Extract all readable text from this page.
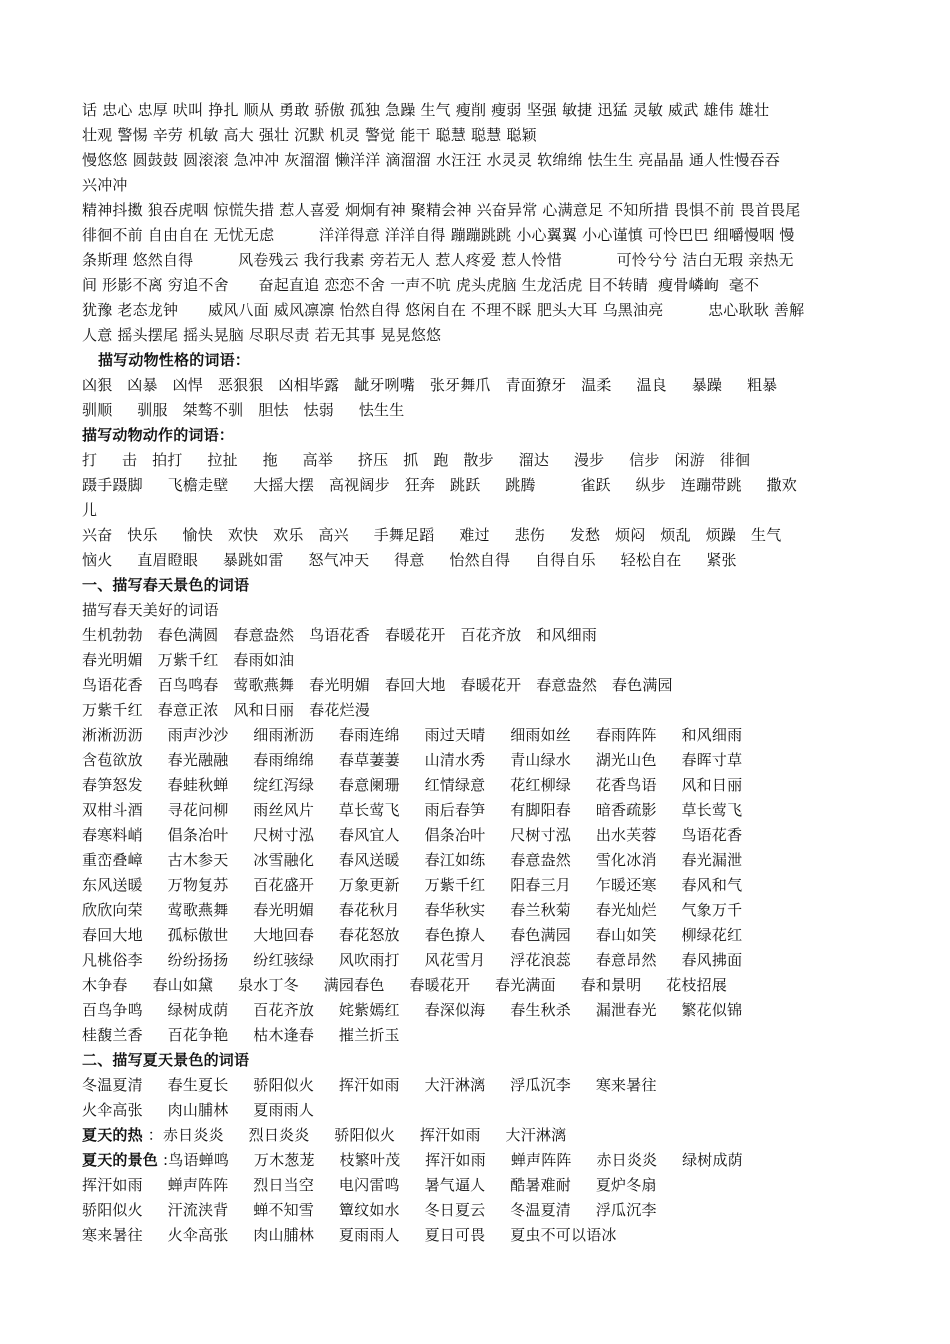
话 忠心 忠厚 吠叫 挣扎 顺从 勇敢 骄傲 孤独 急躁 生气 瘦削 瘦弱 坚强 敏捷 迅猛 灵敏 威武 雄伟 雄壮
壮观 警惕 辛劳 机敏 高大 强壮 沉默 机灵 警觉 能干 聪慧 聪慧 聪颖
慢悠悠 圆鼓鼓 圆滚滚 急冲冲 灰溜溜 懒洋洋 滴溜溜 水汪汪 水灵灵 软绵绵 怯生生 亮晶晶 通人性慢吞吞
兴冲冲
精神抖擞 狼吞虎咽 惊慌失措 惹人喜爱 炯炯有神 聚精会神 兴奋异常 心满意足 不知所措 畏惧不前 畏首畏尾
徘徊不前 自由自在 无忧无虑         洋洋得意 洋洋自得 蹦蹦跳跳 小心翼翼 小心谨慎 可怜巴巴 细嚼慢咽 慢
条斯理 悠然自得         风卷残云 我行我素 旁若无人 惹人疼爱 惹人怜惜           可怜兮兮 洁白无瑕 亲热无
间 形影不离 穷追不舍      奋起直追 恋恋不舍 一声不吭 虎头虎脑 生龙活虎 目不转睛  瘦骨嶙峋  毫不
犹豫 老态龙钟      威风八面 威风凛凛 怡然自得 悠闲自在 不理不睬 肥头大耳 乌黑油亮         忠心耿耿 善解
人意 摇头摆尾 摇头晃脑 尽职尽责 若无其事 晃晃悠悠
描写动物性格的词语：
凶狠   凶暴   凶悍   恶狠狠   凶相毕露   龇牙咧嘴   张牙舞爪   青面獠牙   温柔     温良     暴躁     粗暴
驯顺     驯服   桀骜不驯   胆怯   怯弱     怯生生
描写动物动作的词语：
打     击   拍打     拉扯     拖     高举     挤压   抓   跑   散步     溜达     漫步     信步   闲游   徘徊
蹑手蹑脚     飞檐走壁     大摇大摆   高视阔步   狂奔   跳跃     跳腾         雀跃     纵步   连蹦带跳     撒欢
儿
兴奋   快乐     愉快   欢快   欢乐   高兴     手舞足蹈     难过     悲伤     发愁   烦闷   烦乱   烦躁   生气
恼火     直眉瞪眼     暴跳如雷     怒气冲天     得意     怡然自得     自得自乐     轻松自在     紧张
一、描写春天景色的词语
描写春天美好的词语
生机勃勃   春色满圆   春意盎然   鸟语花香   春暖花开   百花齐放   和风细雨
春光明媚   万紫千红   春雨如油
鸟语花香   百鸟鸣春   莺歌燕舞   春光明媚   春回大地   春暖花开   春意盎然   春色满园
万紫千红   春意正浓   风和日丽   春花烂漫
淅淅沥沥     雨声沙沙     细雨淅沥     春雨连绵     雨过天晴     细雨如丝     春雨阵阵     和风细雨
含苞欲放     春光融融     春雨绵绵     春草萋萋     山清水秀     青山绿水     湖光山色     春晖寸草
春笋怒发     春蛙秋蝉     绽红泻绿     春意阑珊     红情绿意     花红柳绿     花香鸟语     风和日丽
双柑斗酒     寻花问柳     雨丝风片     草长莺飞     雨后春笋     有脚阳春     暗香疏影     草长莺飞
春寒料峭     倡条冶叶     尺树寸泓     春风宜人     倡条冶叶     尺树寸泓     出水芙蓉     鸟语花香
重峦叠嶂     古木参天     冰雪融化     春风送暖     春江如练     春意盎然     雪化冰消     春光漏泄
东风送暖     万物复苏     百花盛开     万象更新     万紫千红     阳春三月     乍暖还寒     春风和气
欣欣向荣     莺歌燕舞     春光明媚     春花秋月     春华秋实     春兰秋菊     春光灿烂     气象万千
春回大地     孤标傲世     大地回春     春花怒放     春色撩人     春色满园     春山如笑     柳绿花红
凡桃俗李     纷纷扬扬     纷红骇绿     风吹雨打     风花雪月     浮花浪蕊     春意昂然     春风拂面
木争春     春山如黛     泉水丁冬     满园春色     春暖花开     春光满面     春和景明     花枝招展
百鸟争鸣     绿树成荫     百花齐放     姹紫嫣红     春深似海     春生秋杀     漏泄春光     繁花似锦
桂馥兰香     百花争艳     枯木逢春     摧兰折玉
二、描写夏天景色的词语
冬温夏清     春生夏长     骄阳似火     挥汗如雨     大汗淋漓     浮瓜沉李     寒来暑往
火伞高张     肉山脯林     夏雨雨人
夏天的热 ：赤日炎炎     烈日炎炎     骄阳似火     挥汗如雨     大汗淋漓
夏天的景色 :鸟语蝉鸣     万木葱茏     枝繁叶茂     挥汗如雨     蝉声阵阵     赤日炎炎     绿树成荫
挥汗如雨     蝉声阵阵     烈日当空     电闪雷鸣     暑气逼人     酷暑难耐     夏炉冬扇
骄阳似火     汗流浃背     蝉不知雪     簟纹如水     冬日夏云     冬温夏清     浮瓜沉李
寒来暑往     火伞高张     肉山脯林     夏雨雨人     夏日可畏     夏虫不可以语冰
